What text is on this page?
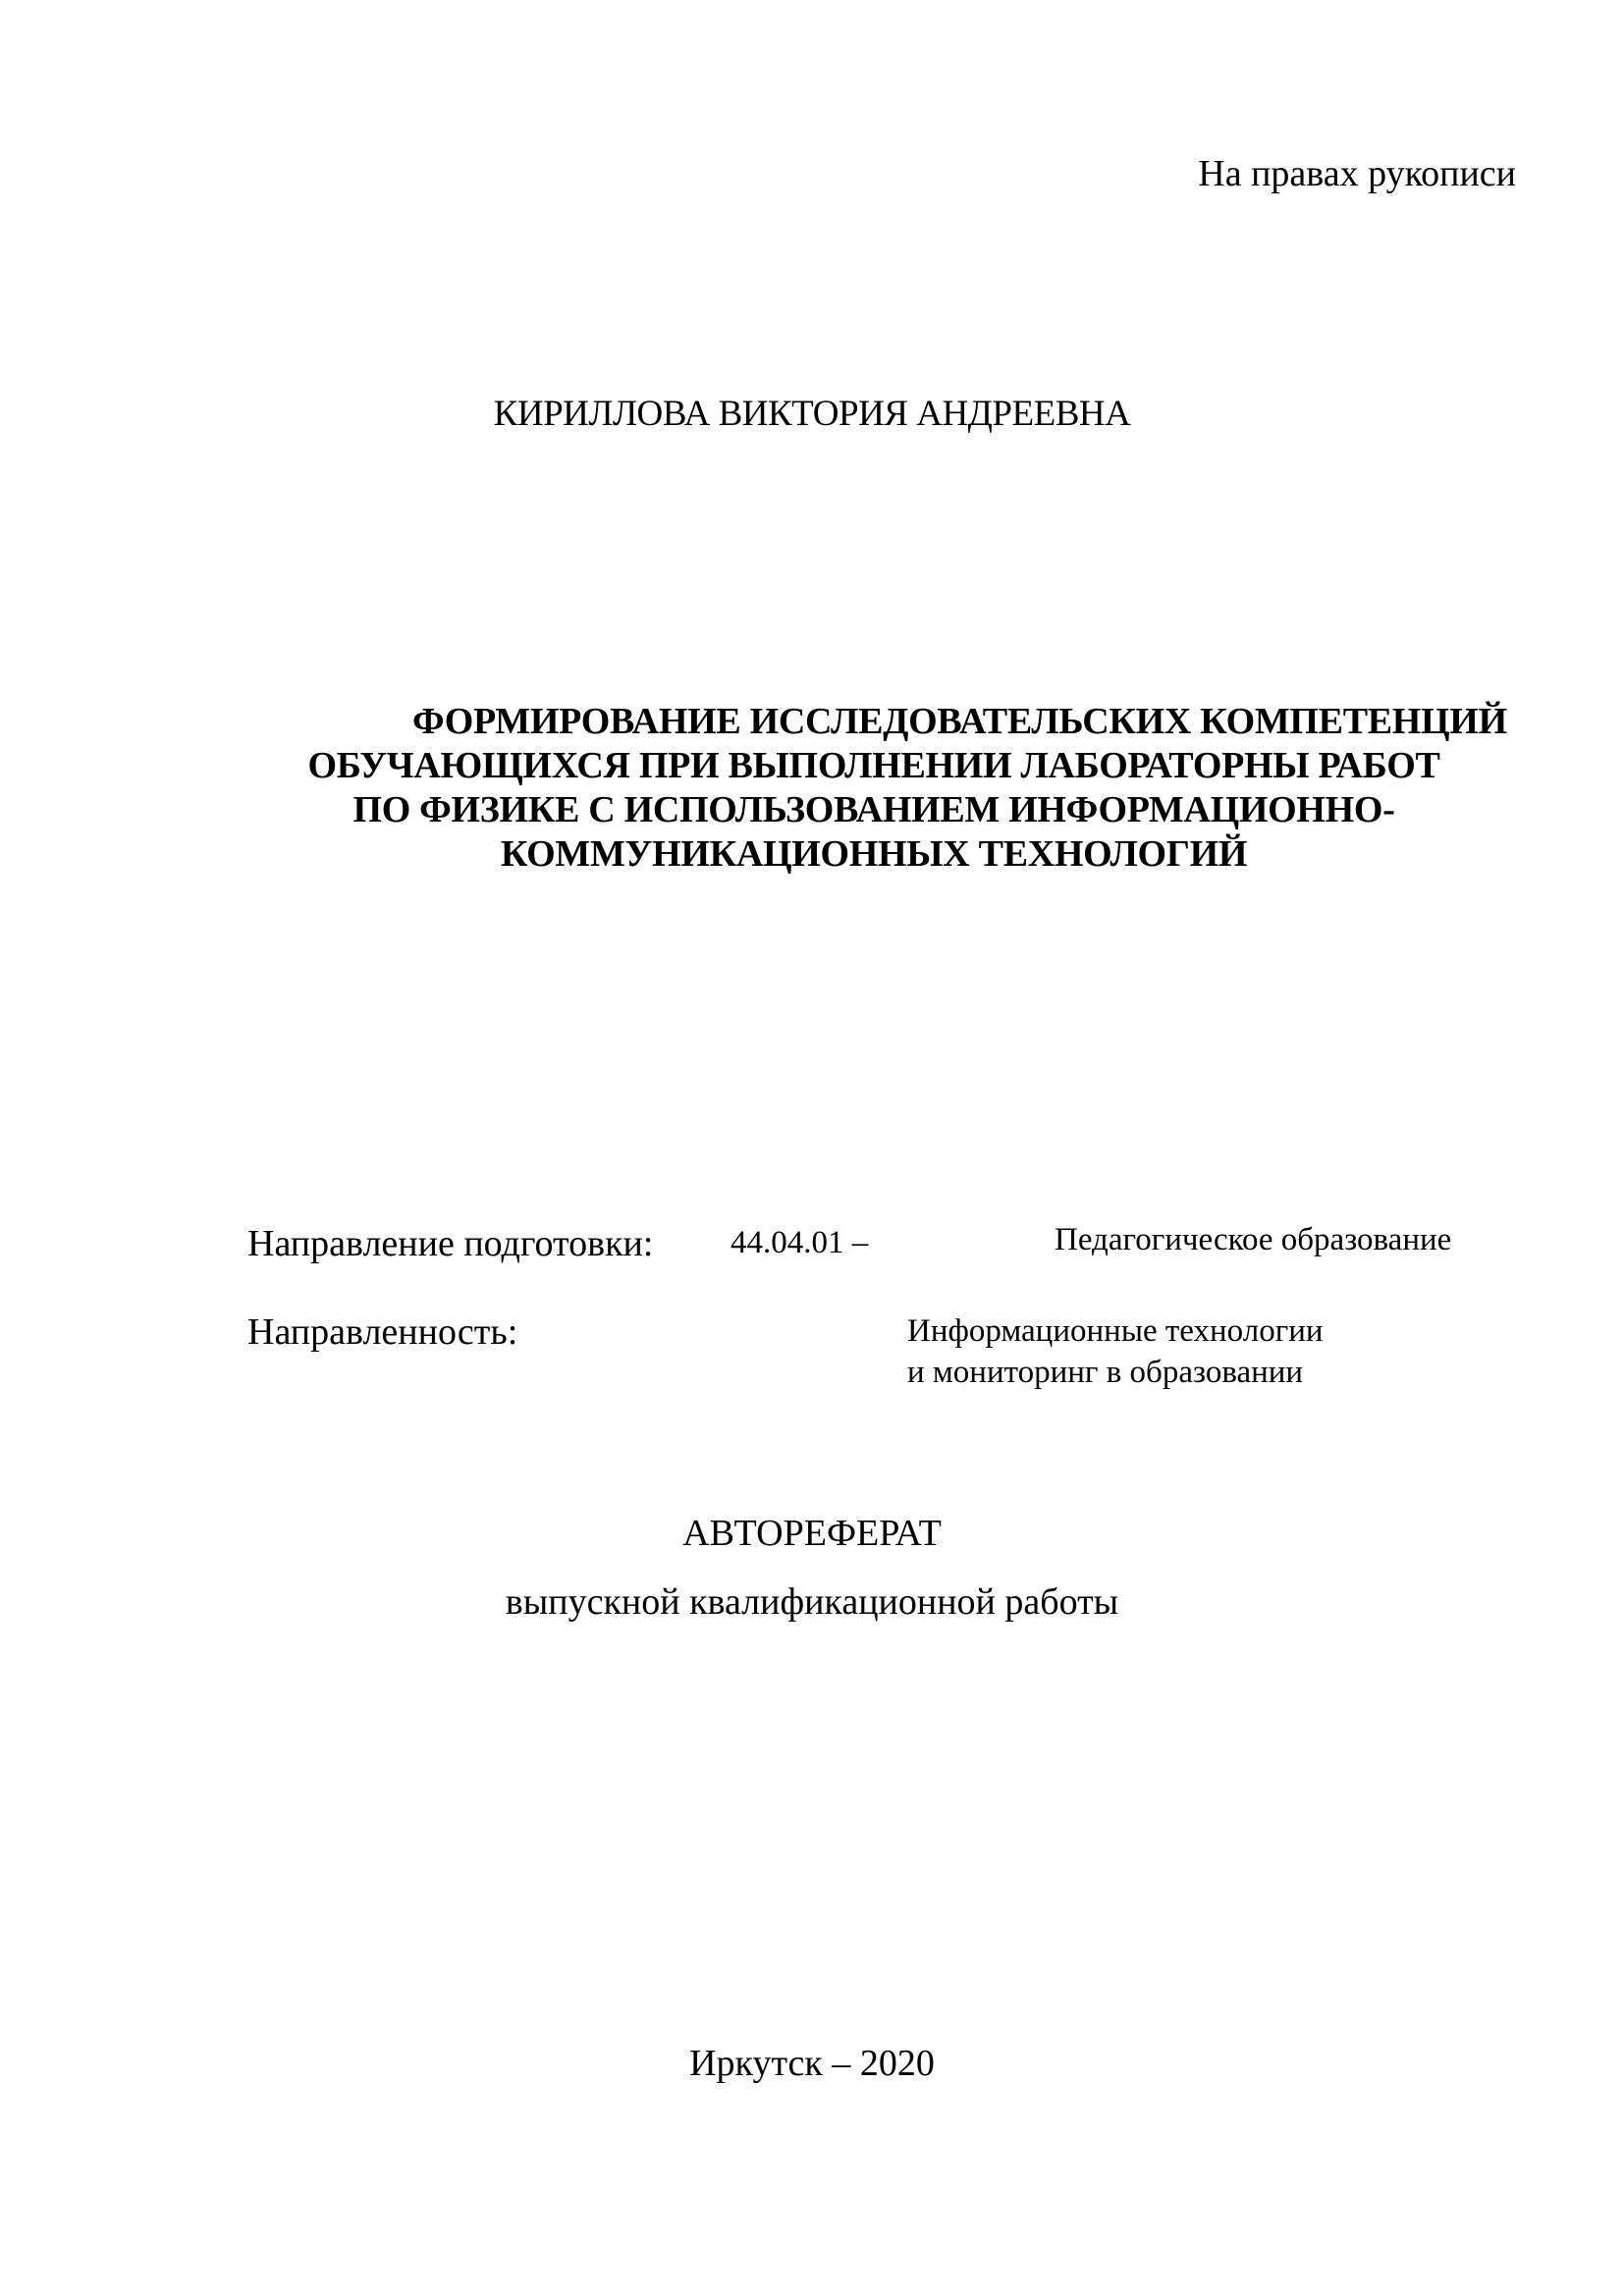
На правах рукописи
КИРИЛЛОВА ВИКТОРИЯ АНДРЕЕВНА
ФОРМИРОВАНИЕ ИССЛЕДОВАТЕЛЬСКИХ КОМПЕТЕНЦИЙ
ОБУЧАЮЩИХСЯ ПРИ ВЫПОЛНЕНИИ ЛАБОРАТОРНЫ РАБОТ
ПО ФИЗИКЕ С ИСПОЛЬЗОВАНИЕМ ИНФОРМАЦИОННО-
КОММУНИКАЦИОННЫХ ТЕХНОЛОГИЙ
Направление подготовки: 44.04.01 –	Педагогическое образование
Направленность:	Информационные технологии
и мониторинг в образовании
АВТОРЕФЕРАТ
выпускной квалификационной работы
Иркутск – 2020
